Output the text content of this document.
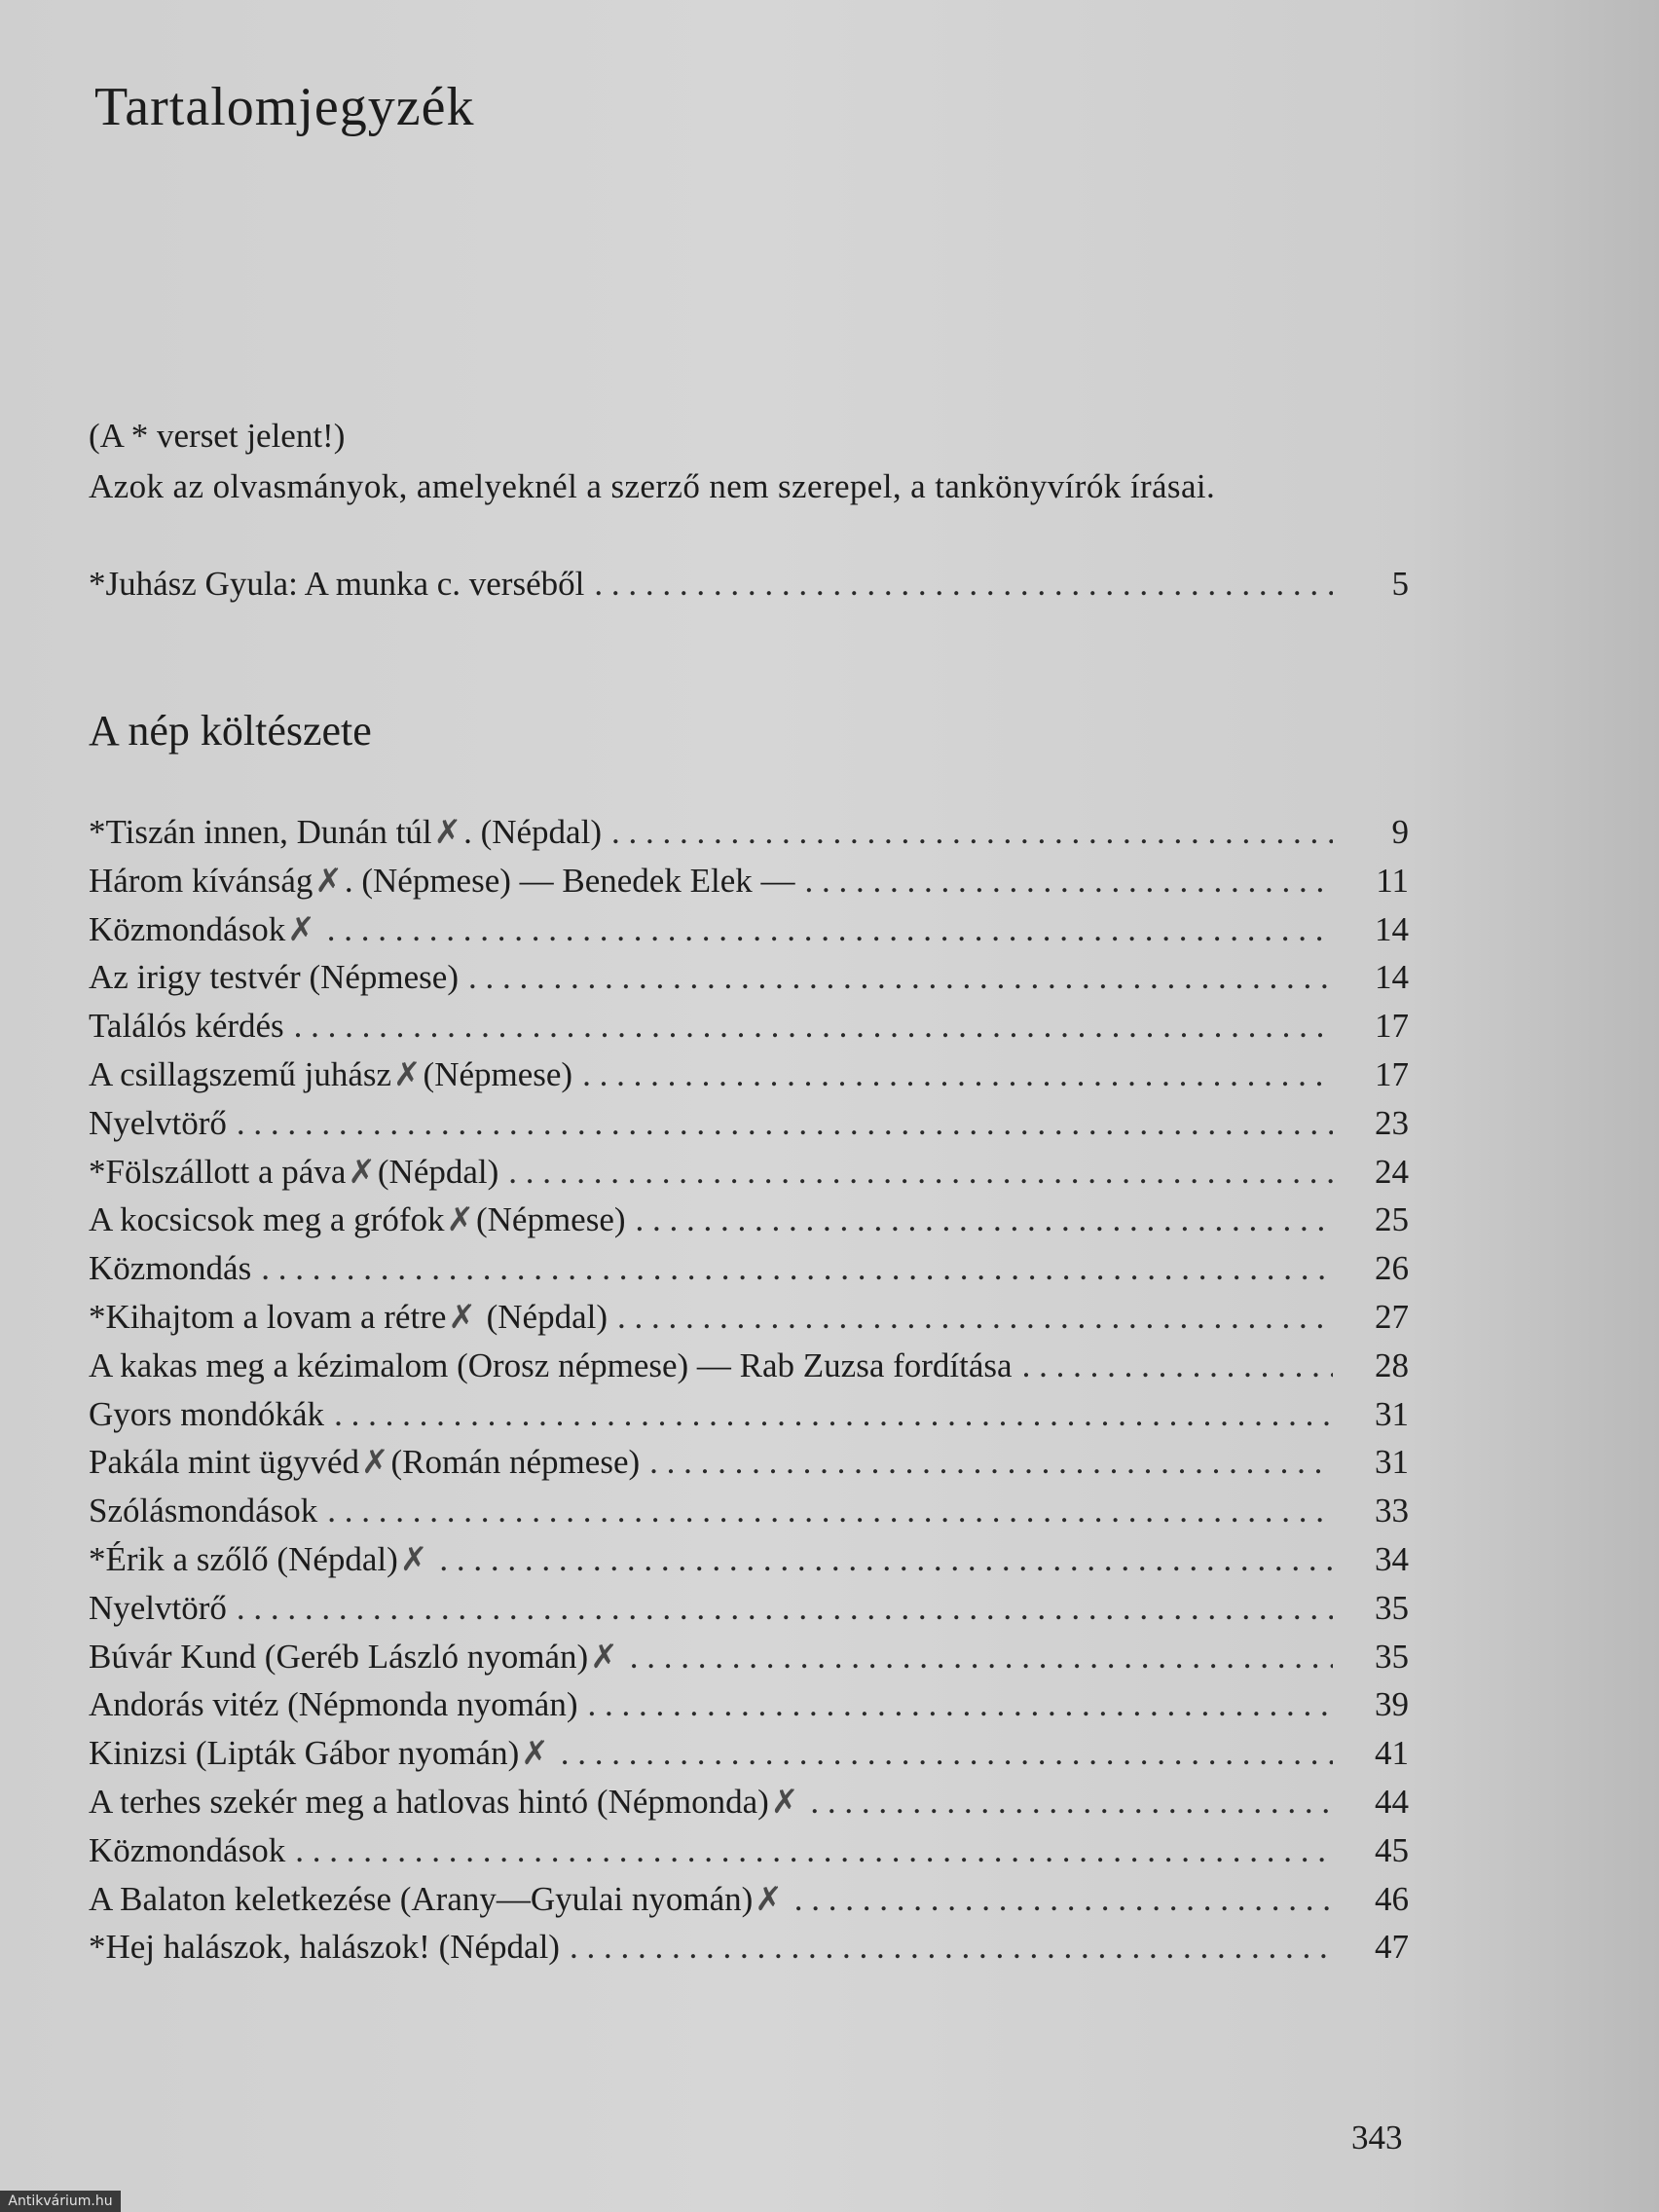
Tartalomjegyzék

(A * verset jelent!)

Azok az olvasmányok, amelyeknél a szerző nem szerepel, a tankönyvírók írásai.

*Juhász Gyula: A munka c. verséből . . .	5
A nép költészete
*Tiszán innen, Dunán túl✗. (Népdal) . . .	9
Három kívánság✗. (Népmese) — Benedek Elek — . . .	11
Közmondások✗ . . .	14
Az irigy testvér (Népmese) . . .	14
Találós kérdés . . .	17
A csillagszemű juhász✗(Népmese) . . .	17
Nyelvtörő . . .	23
*Fölszállott a páva✗(Népdal) . . .	24
A kocsicsok meg a grófok✗(Népmese) . . .	25
Közmondás . . .	26
*Kihajtom a lovam a rétre✗ (Népdal) . . .	27
A kakas meg a kézimalom (Orosz népmese) — Rab Zuzsa fordítása . . .	28
Gyors mondókák . . .	31
Pakála mint ügyvéd✗(Román népmese) . . .	31
Szólásmondások . . .	33
*Érik a szőlő (Népdal)✗ . . .	34
Nyelvtörő . . .	35
Búvár Kund (Geréb László nyomán)✗ . . .	35
Andorás vitéz (Népmonda nyomán) . . .	39
Kinizsi (Lipták Gábor nyomán)✗ . . .	41
A terhes szekér meg a hatlovas hintó (Népmonda)✗ . . .	44
Közmondások . . .	45
A Balaton keletkezése (Arany—Gyulai nyomán)✗ . . .	46
*Hej halászok, halászok! (Népdal) . . .	47

343

Antikvárium.hu
